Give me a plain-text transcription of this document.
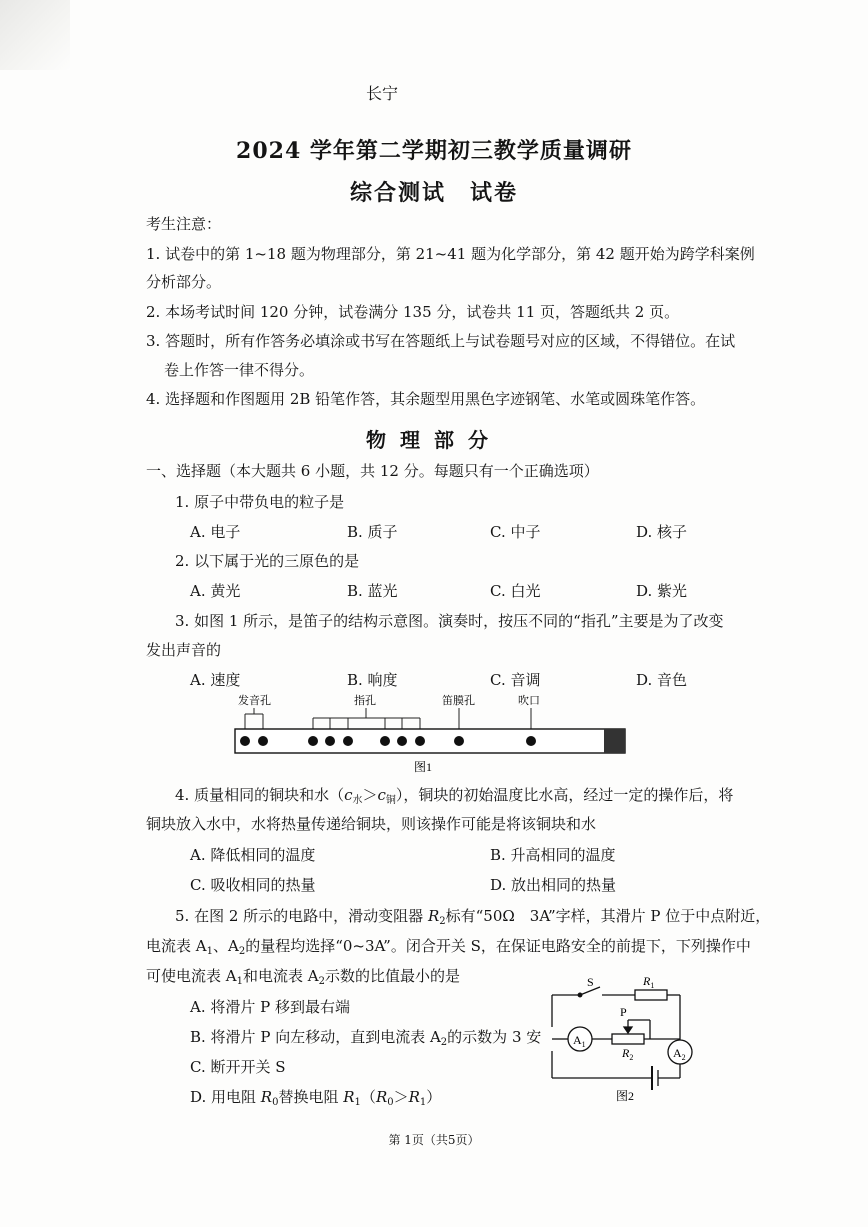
长宁
2024 学年第二学期初三教学质量调研
综合测试　试卷
考生注意：
1. 试卷中的第 1~18 题为物理部分，第 21~41 题为化学部分，第 42 题开始为跨学科案例
分析部分。
2. 本场考试时间 120 分钟，试卷满分 135 分，试卷共 11 页，答题纸共 2 页。
3. 答题时，所有作答务必填涂或书写在答题纸上与试卷题号对应的区域，不得错位。在试
卷上作答一律不得分。
4. 选择题和作图题用 2B 铅笔作答，其余题型用黑色字迹钢笔、水笔或圆珠笔作答。
物理部分
一、选择题（本大题共 6 小题，共 12 分。每题只有一个正确选项）
1. 原子中带负电的粒子是
A. 电子	B. 质子	C. 中子	D. 核子
2. 以下属于光的三原色的是
A. 黄光	B. 蓝光	C. 白光	D. 紫光
3. 如图 1 所示，是笛子的结构示意图。演奏时，按压不同的“指孔”主要是为了改变
发出声音的
A. 速度	B. 响度	C. 音调	D. 音色
发音孔	指孔	笛膜孔	吹口
图1
4. 质量相同的铜块和水$(c_水>c_铜)$，铜块的初始温度比水高，经过一定的操作后，将
铜块放入水中，水将热量传递给铜块，则该操作可能是将该铜块和水
A. 降低相同的温度	B. 升高相同的温度
C. 吸收相同的热量	D. 放出相同的热量
5. 在图 2 所示的电路中，滑动变阻器 $R_2$标有“50Ω　3A”字样，其滑片 P 位于中点附近，
电流表 $A_1$、$A_2$的量程均选择“0~3A”。闭合开关 S，在保证电路安全的前提下，下列操作中
可使电流表 $A_1$和电流表 $A_2$示数的比值最小的是
A. 将滑片 P 移到最右端
B. 将滑片 P 向左移动，直到电流表 $A_2$的示数为 3 安
C. 断开开关 S
D. 用电阻 $R_0$替换电阻 $R_1(R_0>R_1)$
$A_1$
$A_2$
S	$R_1$
P
$R_2$
图2
第 1页（共5页）
